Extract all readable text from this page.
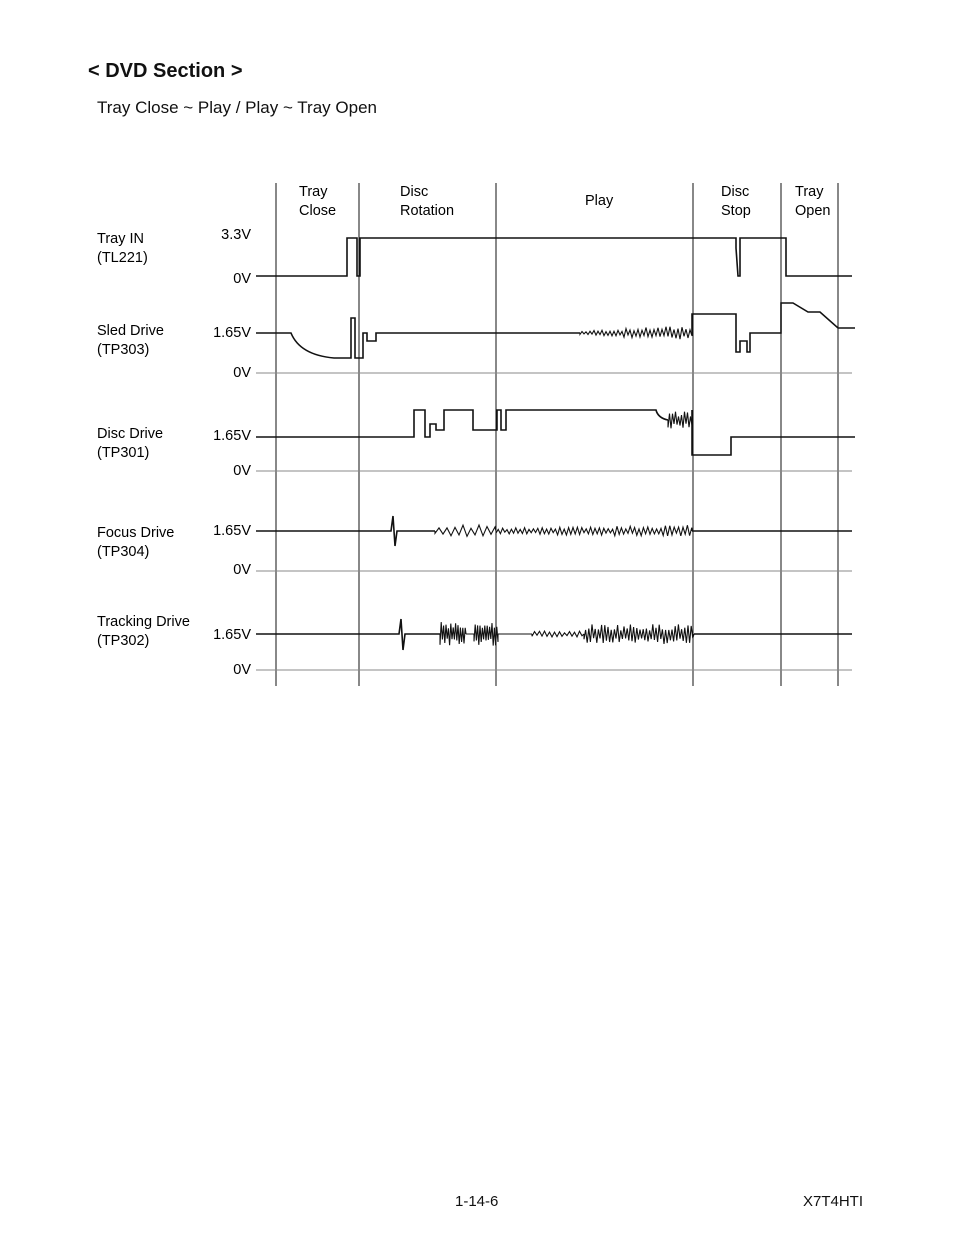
< DVD Section >
Tray Close ~ Play / Play ~ Tray Open
Tray
Close
Disc
Rotation
Play
Disc
Stop
Tray
Open
Tray IN
(TL221)
Sled Drive
(TP303)
Disc Drive
(TP301)
Focus Drive
(TP304)
Tracking Drive
(TP302)
3.3V
0V
1.65V
0V
1.65V
0V
1.65V
0V
1.65V
0V
1-14-6	X7T4HTI
